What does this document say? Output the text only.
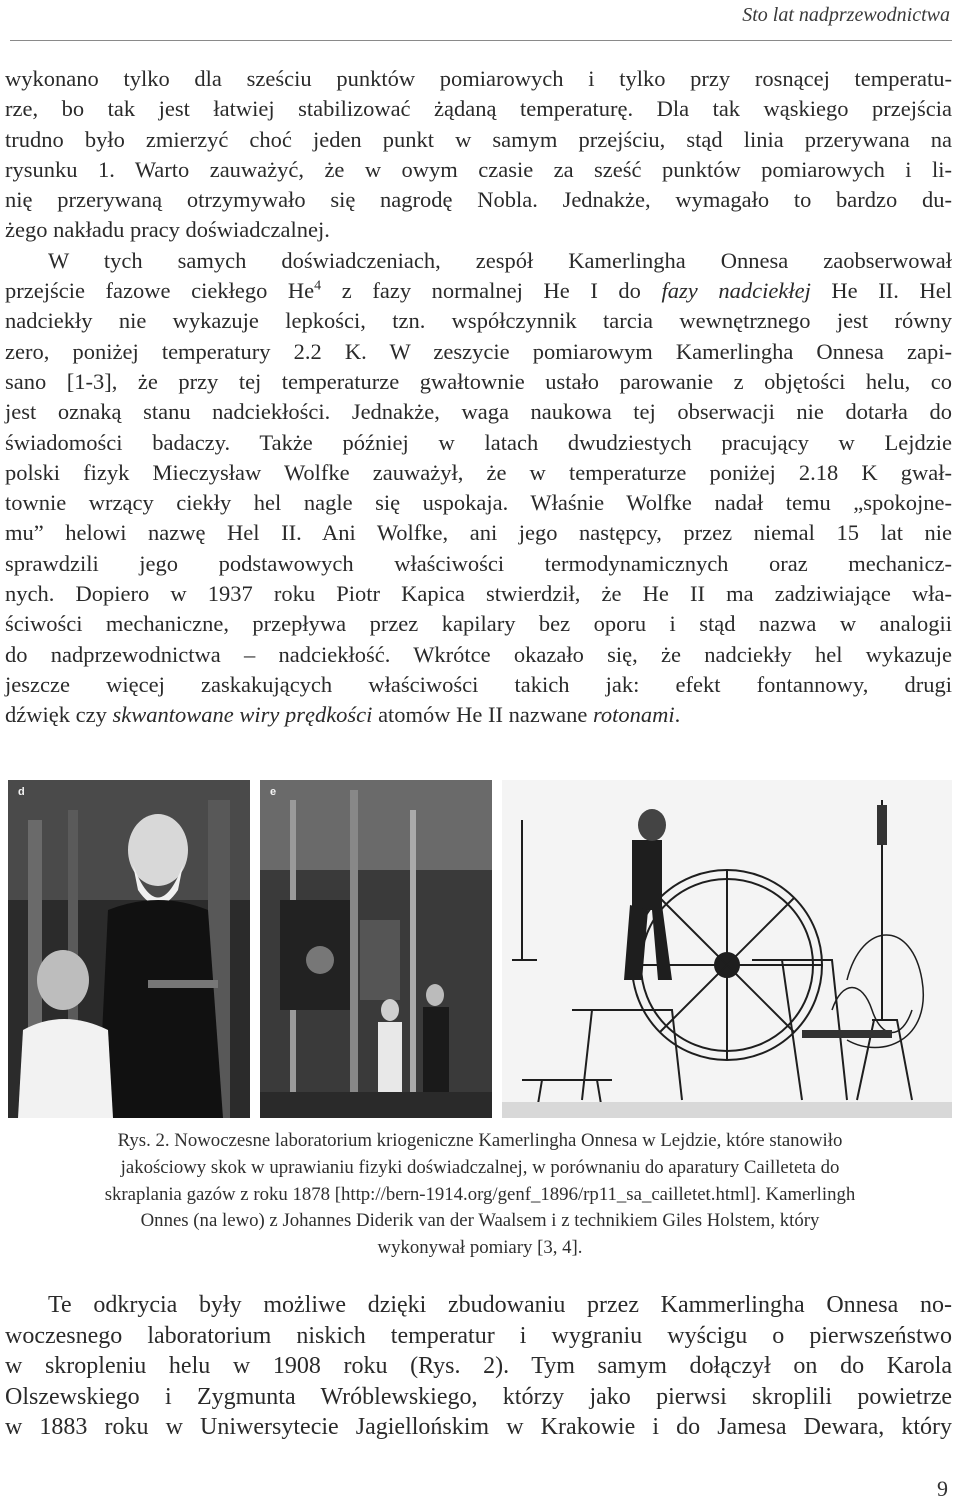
Sto lat nadprzewodnictwa

wykonano tylko dla sześciu punktów pomiarowych i tylko przy rosnącej temperatu-
rze, bo tak jest łatwiej stabilizować żądaną temperaturę. Dla tak wąskiego przejścia
trudno było zmierzyć choć jeden punkt w samym przejściu, stąd linia przerywana na
rysunku 1. Warto zauważyć, że w owym czasie za sześć punktów pomiarowych i li-
nię przerywaną otrzymywało się nagrodę Nobla. Jednakże, wymagało to bardzo du-
żego nakładu pracy doświadczalnej.

W tych samych doświadczeniach, zespół Kamerlingha Onnesa zaobserwował
przejście fazowe ciekłego He$^4$ z fazy normalnej He I do fazy nadciekłej He II. Hel
nadciekły nie wykazuje lepkości, tzn. współczynnik tarcia wewnętrznego jest równy
zero, poniżej temperatury 2.2 K. W zeszycie pomiarowym Kamerlingha Onnesa zapi-
sano [1-3], że przy tej temperaturze gwałtownie ustało parowanie z objętości helu, co
jest oznaką stanu nadciekłości. Jednakże, waga naukowa tej obserwacji nie dotarła do
świadomości badaczy. Także później w latach dwudziestych pracujący w Lejdzie
polski fizyk Mieczysław Wolfke zauważył, że w temperaturze poniżej 2.18 K gwał-
townie wrzący ciekły hel nagle się uspokaja. Właśnie Wolfke nadał temu „spokojne-
mu” helowi nazwę Hel II. Ani Wolfke, ani jego następcy, przez niemal 15 lat nie
sprawdzili jego podstawowych właściwości termodynamicznych oraz mechanicz-
nych. Dopiero w 1937 roku Piotr Kapica stwierdził, że He II ma zadziwiające wła-
ściwości mechaniczne, przepływa przez kapilary bez oporu i stąd nazwa w analogii
do nadprzewodnictwa – nadciekłość. Wkrótce okazało się, że nadciekły hel wykazuje
jeszcze więcej zaskakujących właściwości takich jak: efekt fontannowy, drugi
dźwięk czy skwantowane wiry prędkości atomów He II nazwane rotonami.

d	e
Rys. 2. Nowoczesne laboratorium kriogeniczne Kamerlingha Onnesa w Lejdzie, które stanowiło
jakościowy skok w uprawianiu fizyki doświadczalnej, w porównaniu do aparatury Cailleteta do
skraplania gazów z roku 1878 [http://bern-1914.org/genf_1896/rp11_sa_cailletet.html]. Kamerlingh
Onnes (na lewo) z Johannes Diderik van der Waalsem i z technikiem Giles Holstem, który
wykonywał pomiary [3, 4].

Te odkrycia były możliwe dzięki zbudowaniu przez Kammerlingha Onnesa no-
woczesnego laboratorium niskich temperatur i wygraniu wyścigu o pierwszeństwo
w skropleniu helu w 1908 roku (Rys. 2). Tym samym dołączył on do Karola
Olszewskiego i Zygmunta Wróblewskiego, którzy jako pierwsi skroplili powietrze
w 1883 roku w Uniwersytecie Jagiellońskim w Krakowie i do Jamesa Dewara, który

9
